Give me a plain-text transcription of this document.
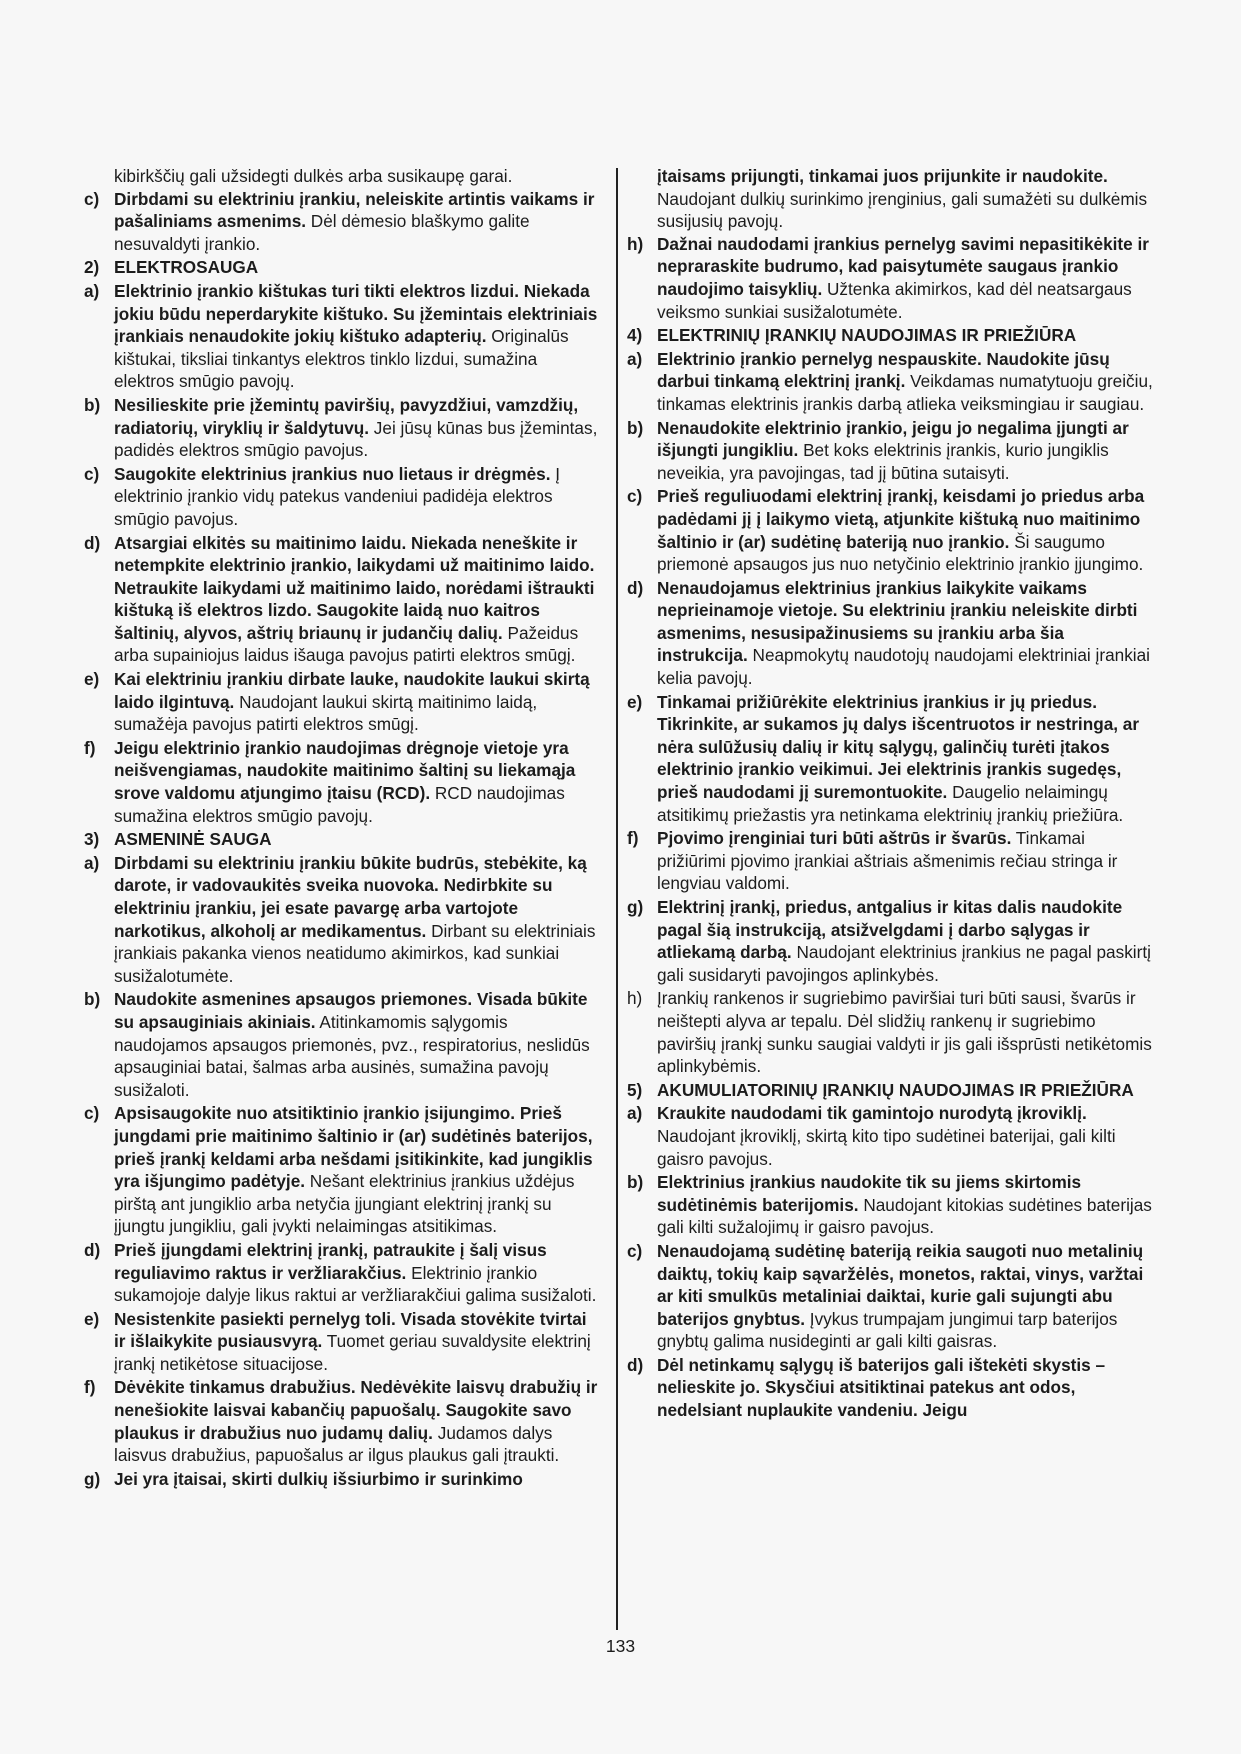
kibirkščių gali užsidegti dulkės arba susikaupę garai.
c) Dirbdami su elektriniu įrankiu, neleiskite artintis vaikams ir pašaliniams asmenims. Dėl dėmesio blaškymo galite nesuvaldyti įrankio.
2) ELEKTROSAUGA
a) Elektrinio įrankio kištukas turi tikti elektros lizdui. Niekada jokiu būdu neperdarykite kištuko. Su įžemintais elektriniais įrankiais nenaudokite jokių kištuko adapterių. Originalūs kištukai, tiksliai tinkantys elektros tinklo lizdui, sumažina elektros smūgio pavojų.
b) Nesilieskite prie įžemintų paviršių, pavyzdžiui, vamzdžių, radiatorių, viryklių ir šaldytuvų. Jei jūsų kūnas bus įžemintas, padidės elektros smūgio pavojus.
c) Saugokite elektrinius įrankius nuo lietaus ir drėgmės. Į elektrinio įrankio vidų patekus vandeniui padidėja elektros smūgio pavojus.
d) Atsargiai elkitės su maitinimo laidu. Niekada neneškite ir netempkite elektrinio įrankio, laikydami už maitinimo laido. Netraukite laikydami už maitinimo laido, norėdami ištraukti kištuką iš elektros lizdo. Saugokite laidą nuo kaitros šaltinių, alyvos, aštrių briaunų ir judančių dalių. Pažeidus arba supainiojus laidus išauga pavojus patirti elektros smūgį.
e) Kai elektriniu įrankiu dirbate lauke, naudokite laukui skirtą laido ilgintuvą. Naudojant laukui skirtą maitinimo laidą, sumažėja pavojus patirti elektros smūgį.
f)	Jeigu elektrinio įrankio naudojimas drėgnoje vietoje yra neišvengiamas, naudokite maitinimo šaltinį su liekamąja srove valdomu atjungimo įtaisu (RCD). RCD naudojimas sumažina elektros smūgio pavojų.
3) ASMENINĖ SAUGA
a) Dirbdami su elektriniu įrankiu būkite budrūs, stebėkite, ką darote, ir vadovaukitės sveika nuovoka. Nedirbkite su elektriniu įrankiu, jei esate pavargę arba vartojote narkotikus, alkoholį ar medikamentus. Dirbant su elektriniais įrankiais pakanka vienos neatidumo akimirkos, kad sunkiai susižalotumėte.
b) Naudokite asmenines apsaugos priemones. Visada būkite su apsauginiais akiniais. Atitinkamomis sąlygomis naudojamos apsaugos priemonės, pvz., respiratorius, neslidūs apsauginiai batai, šalmas arba ausinės, sumažina pavojų susižaloti.
c) Apsisaugokite nuo atsitiktinio įrankio įsijungimo. Prieš jungdami prie maitinimo šaltinio ir (ar) sudėtinės baterijos, prieš įrankį keldami arba nešdami įsitikinkite, kad jungiklis yra išjungimo padėtyje. Nešant elektrinius įrankius uždėjus pirštą ant jungiklio arba netyčia įjungiant elektrinį įrankį su įjungtu jungikliu, gali įvykti nelaimingas atsitikimas.
d) Prieš įjungdami elektrinį įrankį, patraukite į šalį visus reguliavimo raktus ir veržliarakčius. Elektrinio įrankio sukamojoje dalyje likus raktui ar veržliarakčiui galima susižaloti.
e) Nesistenkite pasiekti pernelyg toli. Visada stovėkite tvirtai ir išlaikykite pusiausvyrą. Tuomet geriau suvaldysite elektrinį įrankį netikėtose situacijose.
f)	Dėvėkite tinkamus drabužius. Nedėvėkite laisvų drabužių ir nenešiokite laisvai kabančių papuošalų. Saugokite savo plaukus ir drabužius nuo judamų dalių. Judamos dalys laisvus drabužius, papuošalus ar ilgus plaukus gali įtraukti.
g) Jei yra įtaisai, skirti dulkių išsiurbimo ir surinkimo
įtaisams prijungti, tinkamai juos prijunkite ir naudokite. Naudojant dulkių surinkimo įrenginius, gali sumažėti su dulkėmis susijusių pavojų.
h) Dažnai naudodami įrankius pernelyg savimi nepasitikėkite ir nepraraskite budrumo, kad paisytumėte saugaus įrankio naudojimo taisyklių. Užtenka akimirkos, kad dėl neatsargaus veiksmo sunkiai susižalotumėte.
4) ELEKTRINIŲ ĮRANKIŲ NAUDOJIMAS IR PRIEŽIŪRA
a) Elektrinio įrankio pernelyg nespauskite. Naudokite jūsų darbui tinkamą elektrinį įrankį. Veikdamas numatytuoju greičiu, tinkamas elektrinis įrankis darbą atlieka veiksmingiau ir saugiau.
b) Nenaudokite elektrinio įrankio, jeigu jo negalima įjungti ar išjungti jungikliu. Bet koks elektrinis įrankis, kurio jungiklis neveikia, yra pavojingas, tad jį būtina sutaisyti.
c) Prieš reguliuodami elektrinį įrankį, keisdami jo priedus arba padėdami jį į laikymo vietą, atjunkite kištuką nuo maitinimo šaltinio ir (ar) sudėtinę bateriją nuo įrankio. Ši saugumo priemonė apsaugos jus nuo netyčinio elektrinio įrankio įjungimo.
d) Nenaudojamus elektrinius įrankius laikykite vaikams neprieinamoje vietoje. Su elektriniu įrankiu neleiskite dirbti asmenims, nesusipažinusiems su įrankiu arba šia instrukcija. Neapmokytų naudotojų naudojami elektriniai įrankiai kelia pavojų.
e) Tinkamai prižiūrėkite elektrinius įrankius ir jų priedus. Tikrinkite, ar sukamos jų dalys išcentruotos ir nestringa, ar nėra sulūžusių dalių ir kitų sąlygų, galinčių turėti įtakos elektrinio įrankio veikimui. Jei elektrinis įrankis sugedęs, prieš naudodami jį suremontuokite. Daugelio nelaimingų atsitikimų priežastis yra netinkama elektrinių įrankių priežiūra.
f)	Pjovimo įrenginiai turi būti aštrūs ir švarūs. Tinkamai prižiūrimi pjovimo įrankiai aštriais ašmenimis rečiau stringa ir lengviau valdomi.
g) Elektrinį įrankį, priedus, antgalius ir kitas dalis naudokite pagal šią instrukciją, atsižvelgdami į darbo sąlygas ir atliekamą darbą. Naudojant elektrinius įrankius ne pagal paskirtį gali susidaryti pavojingos aplinkybės.
h) Įrankių rankenos ir sugriebimo paviršiai turi būti sausi, švarūs ir neištepti alyva ar tepalu. Dėl slidžių rankenų ir sugriebimo paviršių įrankį sunku saugiai valdyti ir jis gali išsprūsti netikėtomis aplinkybėmis.
5) AKUMULIATORINIŲ ĮRANKIŲ NAUDOJIMAS IR PRIEŽIŪRA
a) Kraukite naudodami tik gamintojo nurodytą įkroviklį. Naudojant įkroviklį, skirtą kito tipo sudėtinei baterijai, gali kilti gaisro pavojus.
b) Elektrinius įrankius naudokite tik su jiems skirtomis sudėtinėmis baterijomis. Naudojant kitokias sudėtines baterijas gali kilti sužalojimų ir gaisro pavojus.
c) Nenaudojamą sudėtinę bateriją reikia saugoti nuo metalinių daiktų, tokių kaip sąvaržėlės, monetos, raktai, vinys, varžtai ar kiti smulkūs metaliniai daiktai, kurie gali sujungti abu baterijos gnybtus. Įvykus trumpajam jungimui tarp baterijos gnybtų galima nusideginti ar gali kilti gaisras.
d) Dėl netinkamų sąlygų iš baterijos gali ištekėti skystis – nelieskite jo. Skysčiui atsitiktinai patekus ant odos, nedelsiant nuplaukite vandeniu. Jeigu
133
